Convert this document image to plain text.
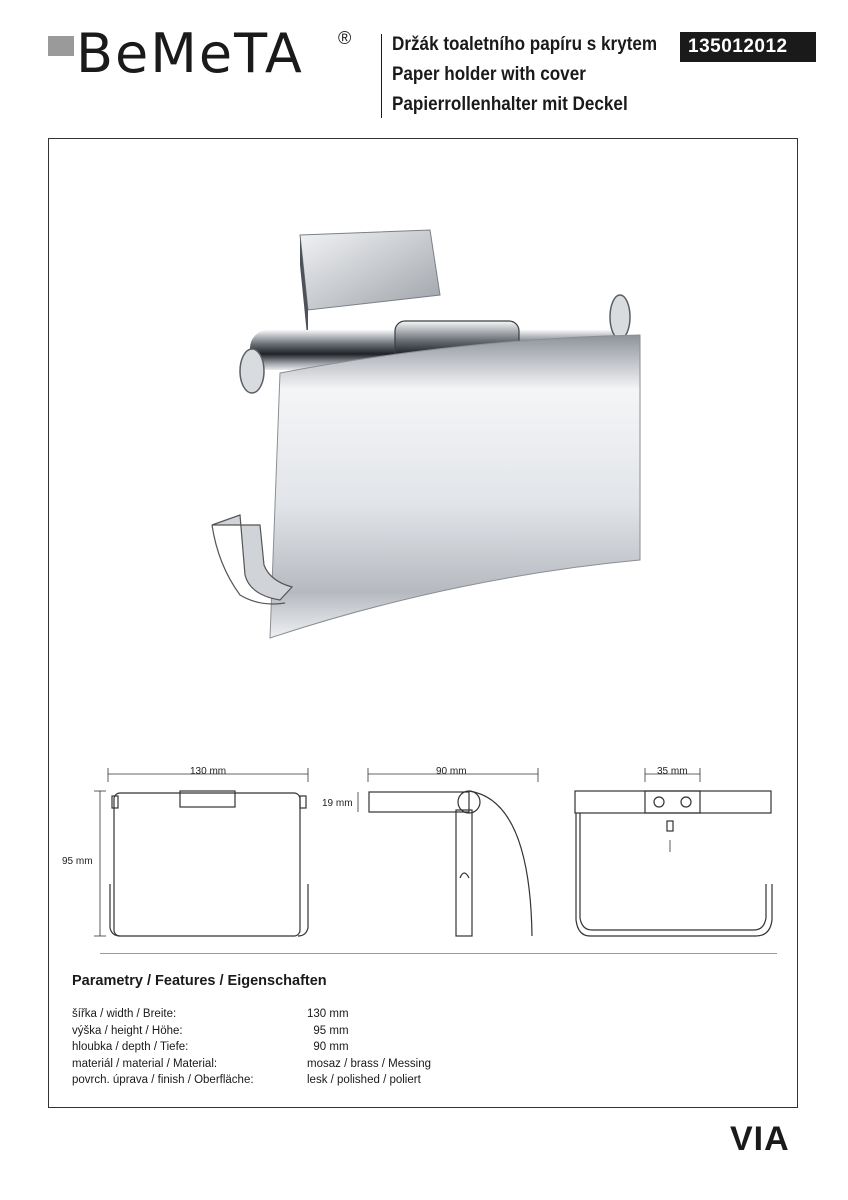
BeMeTA ® Držák toaletního papíru s krytem
Paper holder with cover
Papierrollenhalter mit Deckel
135012012
130 mm
95 mm
90 mm
19 mm
35 mm
Parametry / Features / Eigenschaften
šířka / width / Breite:	130 mm
výška / height / Höhe:	95 mm
hloubka / depth / Tiefe:	90 mm
materiál / material / Material:	mosaz / brass / Messing
povrch. úprava / finish / Oberfläche:	lesk / polished / poliert
VIA
